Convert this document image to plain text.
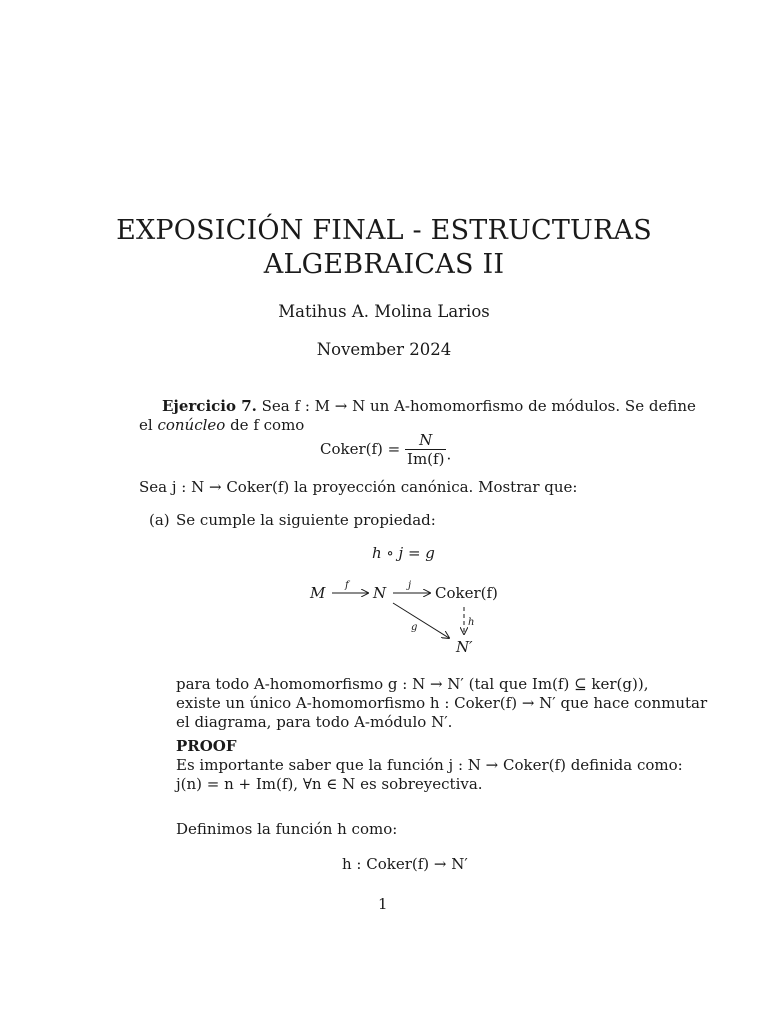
EXPOSICIÓN FINAL - ESTRUCTURAS
ALGEBRAICAS II
Matihus A. Molina Larios
November 2024
Ejercicio 7. Sea f : M → N un A-homomorfismo de módulos. Se define
el conúcleo de f como
Coker(f) = $\frac{N}{Im(f)}$ .
Sea j : N → Coker(f) la proyección canónica. Mostrar que:
(a) Se cumple la siguiente propiedad:
h ∘ j = g
M f N j Coker(f)
h
g
N′
para todo A-homomorfismo g : N → N′ (tal que Im(f) ⊆ ker(g)),
existe un único A-homomorfismo h : Coker(f) → N′ que hace conmutar
el diagrama, para todo A-módulo N′.
PROOF
Es importante saber que la función j : N → Coker(f) definida como:
j(n) = n + Im(f), ∀n ∈ N es sobreyectiva.
Definimos la función h como:
h : Coker(f) → N′
1
